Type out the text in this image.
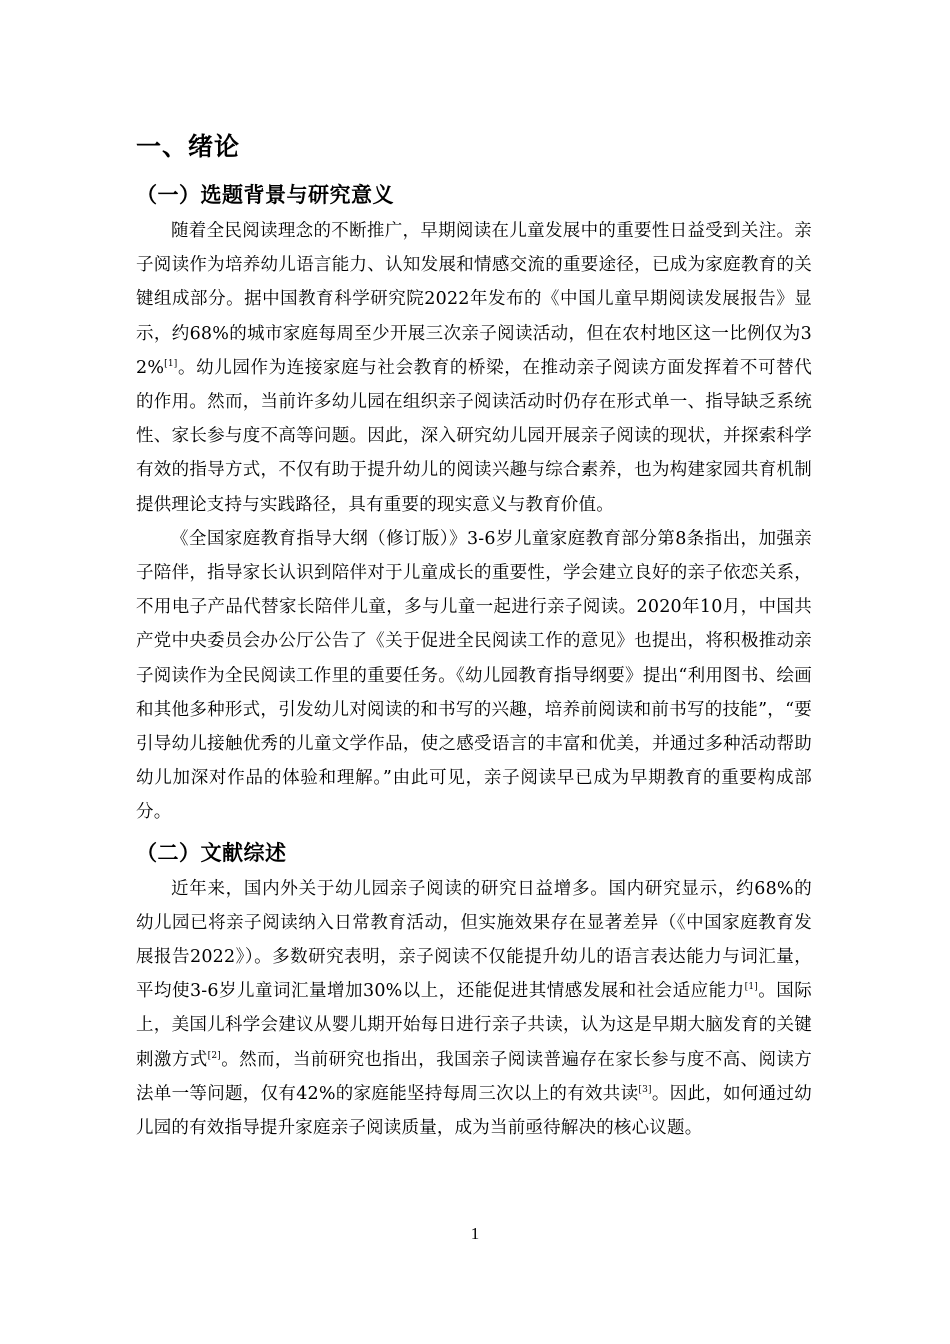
一、绪论
（一）选题背景与研究意义

随着全民阅读理念的不断推广，早期阅读在儿童发展中的重要性日益受到关注。亲子阅读作为培养幼儿语言能力、认知发展和情感交流的重要途径，已成为家庭教育的关键组成部分。据中国教育科学研究院2022年发布的《中国儿童早期阅读发展报告》显示，约68%的城市家庭每周至少开展三次亲子阅读活动，但在农村地区这一比例仅为32%[1]。幼儿园作为连接家庭与社会教育的桥梁，在推动亲子阅读方面发挥着不可替代的作用。然而，当前许多幼儿园在组织亲子阅读活动时仍存在形式单一、指导缺乏系统性、家长参与度不高等问题。因此，深入研究幼儿园开展亲子阅读的现状，并探索科学有效的指导方式，不仅有助于提升幼儿的阅读兴趣与综合素养，也为构建家园共育机制提供理论支持与实践路径，具有重要的现实意义与教育价值。

《全国家庭教育指导大纲（修订版）》3-6岁儿童家庭教育部分第8条指出，加强亲子陪伴，指导家长认识到陪伴对于儿童成长的重要性，学会建立良好的亲子依恋关系，不用电子产品代替家长陪伴儿童，多与儿童一起进行亲子阅读。2020年10月，中国共产党中央委员会办公厅公告了《关于促进全民阅读工作的意见》也提出，将积极推动亲子阅读作为全民阅读工作里的重要任务。《幼儿园教育指导纲要》提出“利用图书、绘画和其他多种形式，引发幼儿对阅读的和书写的兴趣，培养前阅读和前书写的技能”，“要引导幼儿接触优秀的儿童文学作品，使之感受语言的丰富和优美，并通过多种活动帮助幼儿加深对作品的体验和理解。”由此可见，亲子阅读早已成为早期教育的重要构成部分。

（二）文献综述

近年来，国内外关于幼儿园亲子阅读的研究日益增多。国内研究显示，约68%的幼儿园已将亲子阅读纳入日常教育活动，但实施效果存在显著差异（《中国家庭教育发展报告2022》）。多数研究表明，亲子阅读不仅能提升幼儿的语言表达能力与词汇量，平均使3-6岁儿童词汇量增加30%以上，还能促进其情感发展和社会适应能力[1]。国际上，美国儿科学会建议从婴儿期开始每日进行亲子共读，认为这是早期大脑发育的关键刺激方式[2]。然而，当前研究也指出，我国亲子阅读普遍存在家长参与度不高、阅读方法单一等问题，仅有42%的家庭能坚持每周三次以上的有效共读[3]。因此，如何通过幼儿园的有效指导提升家庭亲子阅读质量，成为当前亟待解决的核心议题。

1
